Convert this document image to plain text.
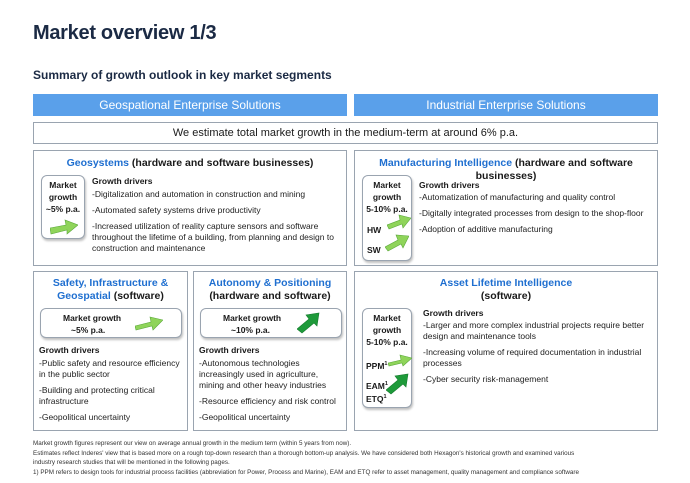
Market overview 1/3
Summary of growth outlook in key market segments
Geospational Enterprise Solutions	Industrial Enterprise Solutions
We estimate total market growth in the medium-term at around 6% p.a.
Geosystems (hardware and software businesses)
Market
growth
~5% p.a.
Growth drivers
-Digitalization and automation in construction and mining
-Automated safety systems drive productivity
-Increased utilization of reality capture sensors and software throughout the lifetime of a building, from planning and design to construction and maintenance
Manufacturing Intelligence (hardware and software businesses)
Market
growth
5-10% p.a.
HW
SW
Growth drivers
-Automatization of manufacturing and quality control
-Digitally integrated processes from design to the shop-floor
-Adoption of additive manufacturing
Safety, Infrastructure &
Geospatial (software)
Market growth
~5% p.a.
Growth drivers
-Public safety and resource efficiency in the public sector
-Building and protecting critical infrastructure
-Geopolitical uncertainty
Autonomy & Positioning
(hardware and software)
Market growth
~10% p.a.
Growth drivers
-Autonomous technologies increasingly used in agriculture, mining and other heavy industries
-Resource efficiency and risk control
-Geopolitical uncertainty
Asset Lifetime Intelligence
(software)
Market
growth
5-10% p.a.
PPM$^1$
EAM$^1$
ETQ$^1$
Growth drivers
-Larger and more complex industrial projects require better design and maintenance tools
-Increasing volume of required documentation in industrial processes
-Cyber security risk-management
Market growth figures represent our view on average annual growth in the medium term (within 5 years from now).
Estimates reflect Inderes' view that is based more on a rough top-down research than a thorough bottom-up analysis. We have considered both Hexagon's historical growth and examined various
industry research studies that will be mentioned in the following pages.
1) PPM refers to design tools for industrial process facilities (abbreviation for Power, Process and Marine), EAM and ETQ refer to asset management, quality management and compliance software
